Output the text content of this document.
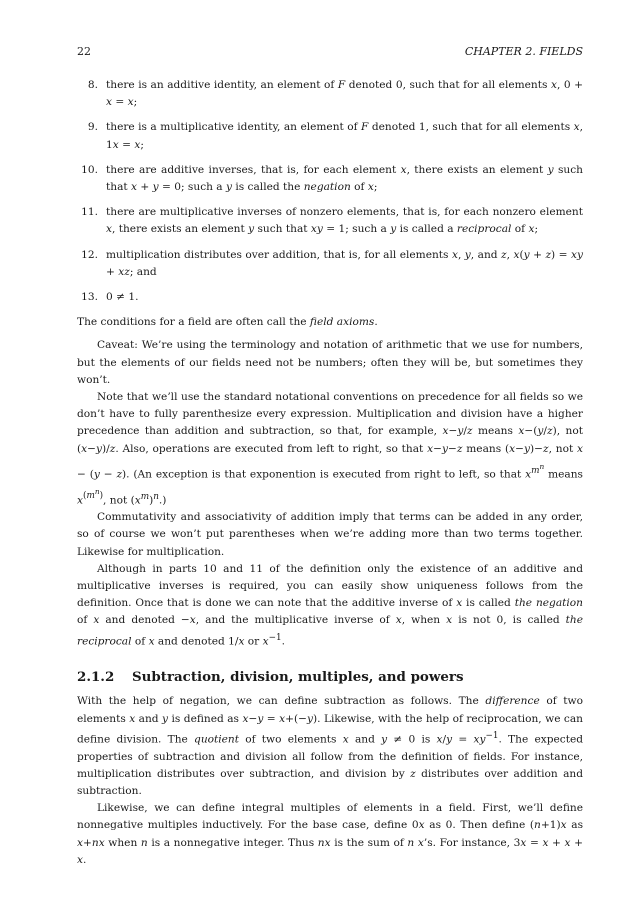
22	CHAPTER 2. FIELDS
8. there is an additive identity, an element of F denoted 0, such that for all elements x, 0 + x = x;
9. there is a multiplicative identity, an element of F denoted 1, such that for all elements x, 1x = x;
10. there are additive inverses, that is, for each element x, there exists an element y such that x + y = 0; such a y is called the negation of x;
11. there are multiplicative inverses of nonzero elements, that is, for each nonzero element x, there exists an element y such that xy = 1; such a y is called a reciprocal of x;
12. multiplication distributes over addition, that is, for all elements x, y, and z, x(y + z) = xy + xz; and
13. 0 ≠ 1.

The conditions for a field are often call the field axioms.

Caveat: We’re using the terminology and notation of arithmetic that we use for numbers, but the elements of our fields need not be numbers; often they will be, but sometimes they won’t.

Note that we’ll use the standard notational conventions on precedence for all fields so we don’t have to fully parenthesize every expression. Multiplication and division have a higher precedence than addition and subtraction, so that, for example, x−y/z means x−(y/z), not (x−y)/z. Also, operations are executed from left to right, so that x−y−z means (x−y)−z, not x − (y − z). (An exception is that exponention is executed from right to left, so that $x^{m^n}$ means $x^{(m^n)}$, not $(x^m)^n$.)

Commutativity and associativity of addition imply that terms can be added in any order, so of course we won’t put parentheses when we’re adding more than two terms together. Likewise for multiplication.

Although in parts 10 and 11 of the definition only the existence of an additive and multiplicative inverses is required, you can easily show uniqueness follows from the definition. Once that is done we can note that the additive inverse of x is called the negation of x and denoted −x, and the multiplicative inverse of x, when x is not 0, is called the reciprocal of x and denoted 1/x or $x^{-1}$.

2.1.2	Subtraction, division, multiples, and powers

With the help of negation, we can define subtraction as follows. The difference of two elements x and y is defined as x−y = x+(−y). Likewise, with the help of reciprocation, we can define division. The quotient of two elements x and y ≠ 0 is $x/y = xy^{-1}$. The expected properties of subtraction and division all follow from the definition of fields. For instance, multiplication distributes over subtraction, and division by z distributes over addition and subtraction.

Likewise, we can define integral multiples of elements in a field. First, we’ll define nonnegative multiples inductively. For the base case, define 0x as 0. Then define (n+1)x as x+nx when n is a nonnegative integer. Thus nx is the sum of n x’s. For instance, 3x = x + x + x.
